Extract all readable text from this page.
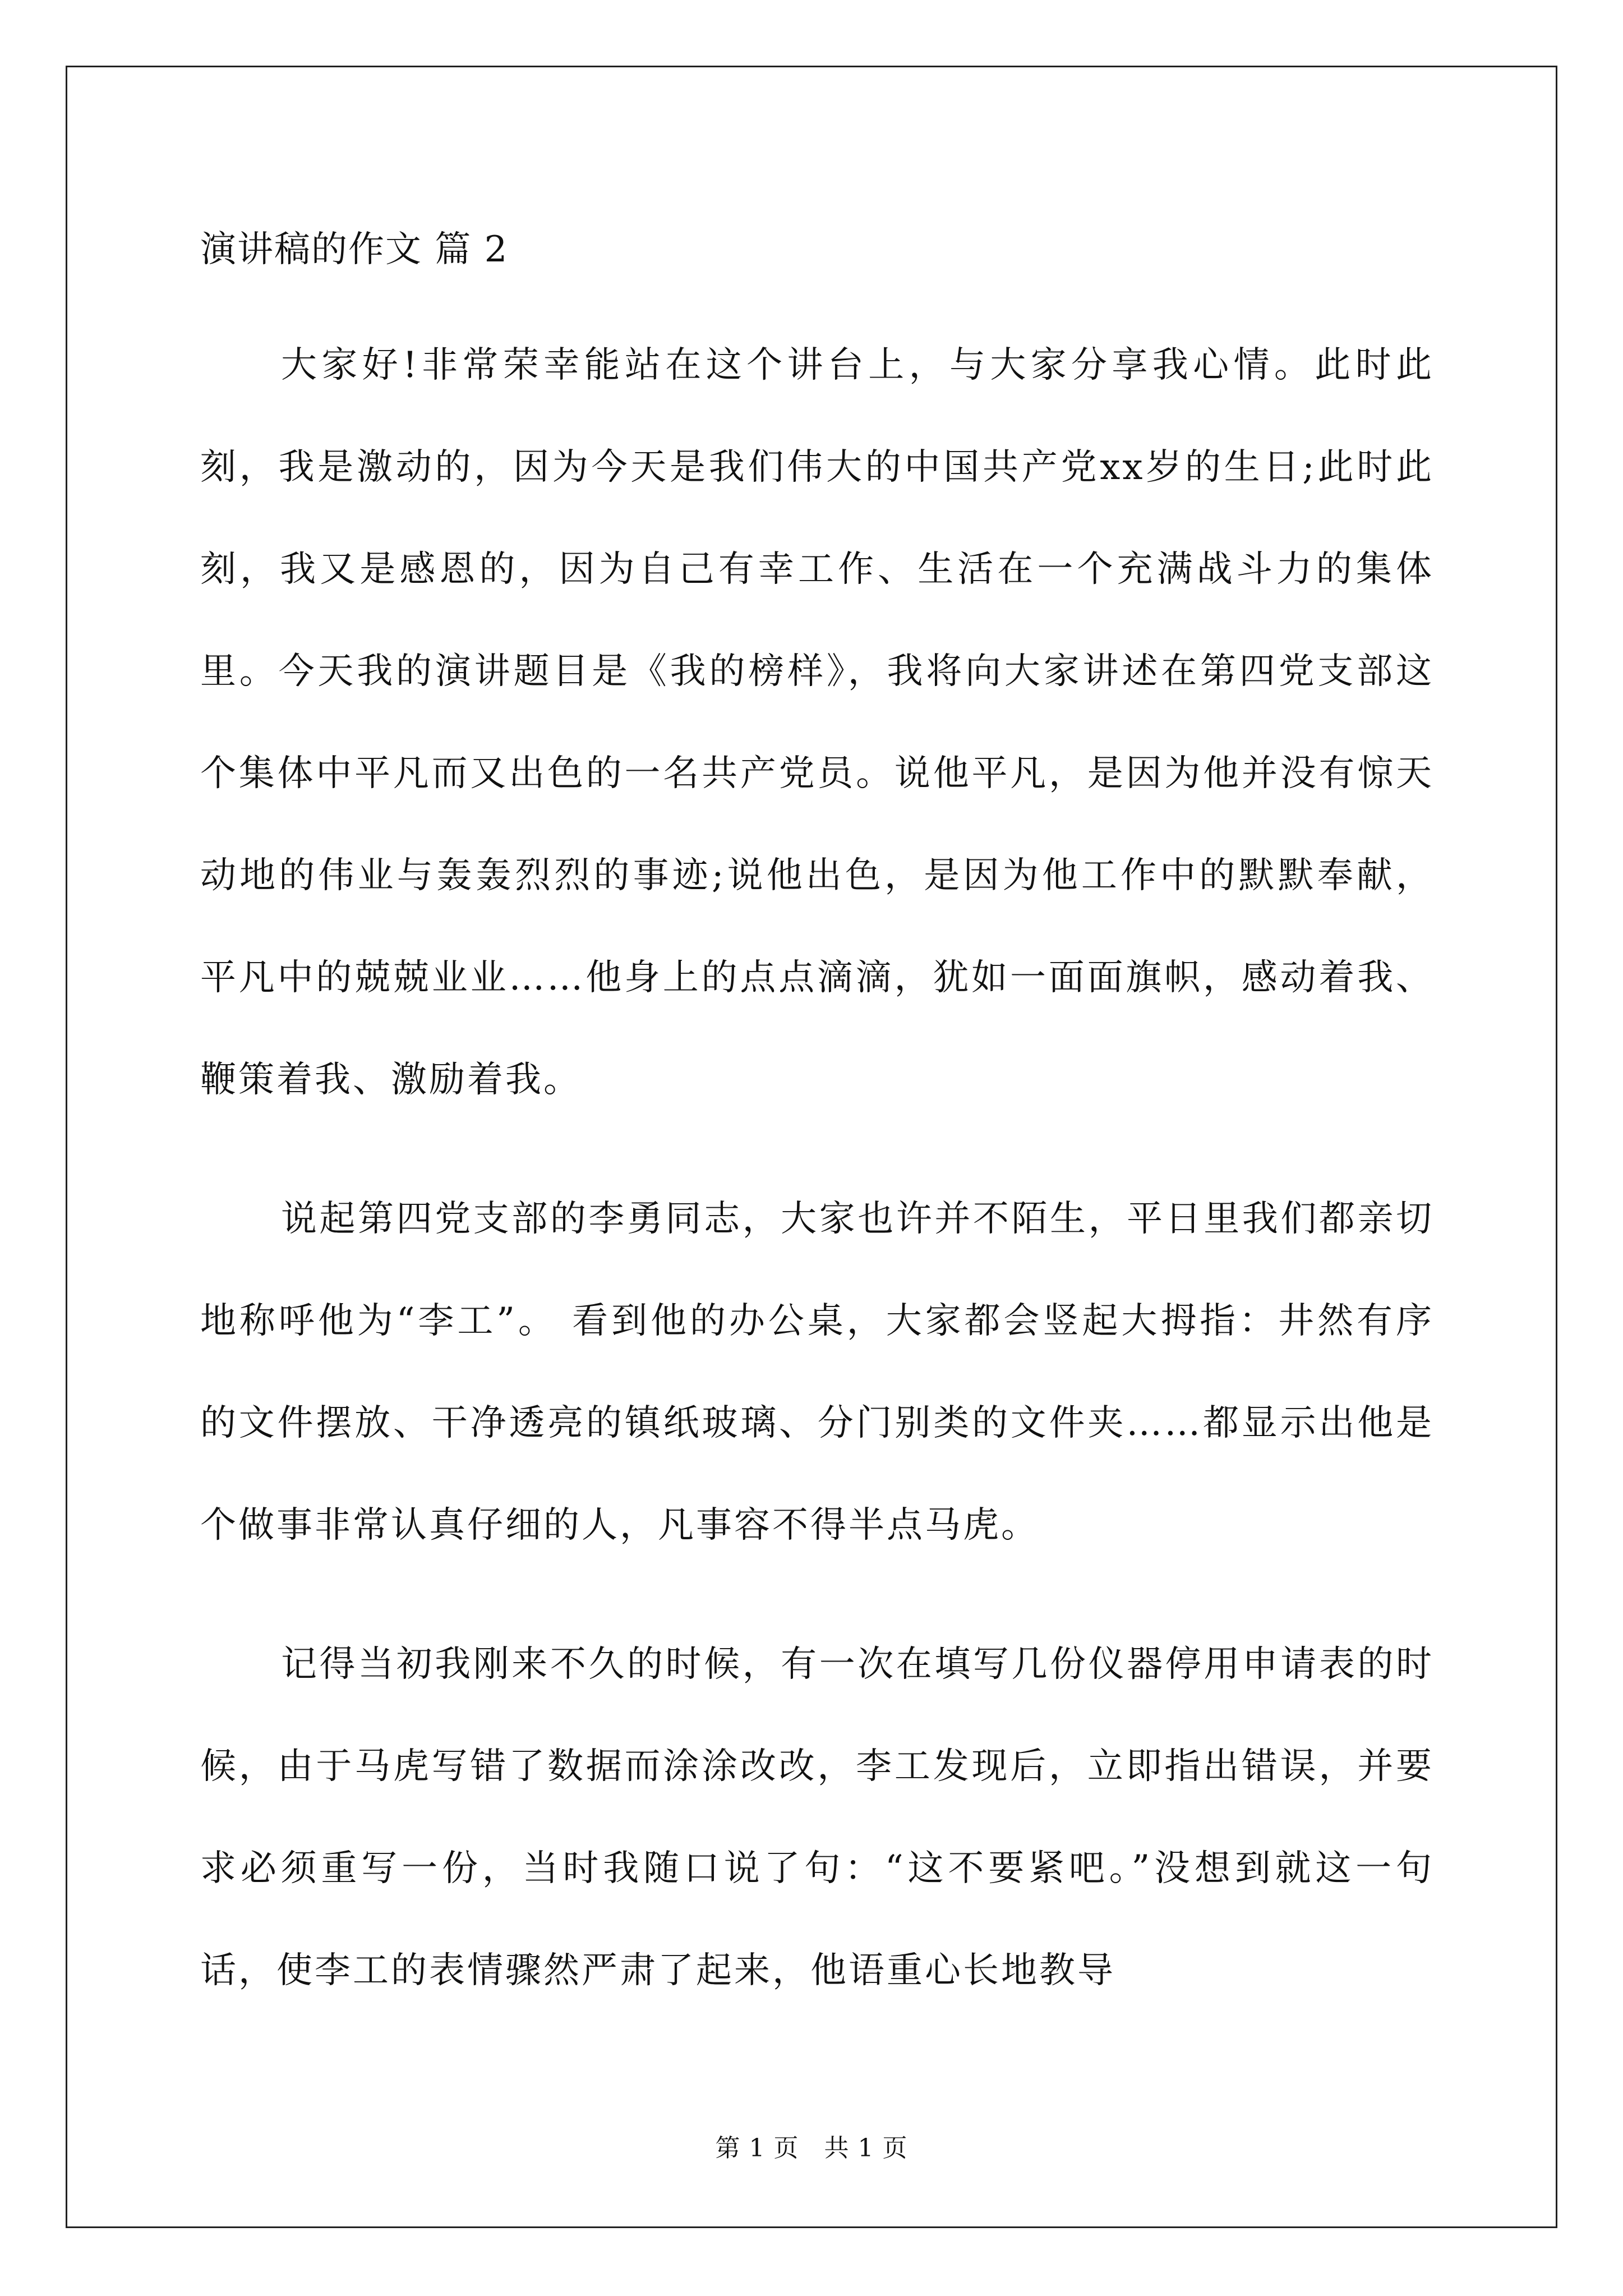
演讲稿的作文 篇 2

大家好!非常荣幸能站在这个讲台上，与大家分享我心情。此时此刻，我是激动的，因为今天是我们伟大的中国共产党xx岁的生日;此时此刻，我又是感恩的，因为自己有幸工作、生活在一个充满战斗力的集体里。今天我的演讲题目是《我的榜样》，我将向大家讲述在第四党支部这个集体中平凡而又出色的一名共产党员。说他平凡，是因为他并没有惊天动地的伟业与轰轰烈烈的事迹;说他出色，是因为他工作中的默默奉献，平凡中的兢兢业业……他身上的点点滴滴，犹如一面面旗帜，感动着我、鞭策着我、激励着我。

说起第四党支部的李勇同志，大家也许并不陌生，平日里我们都亲切地称呼他为“李工”。 看到他的办公桌，大家都会竖起大拇指：井然有序的文件摆放、干净透亮的镇纸玻璃、分门别类的文件夹……都显示出他是个做事非常认真仔细的人，凡事容不得半点马虎。

记得当初我刚来不久的时候，有一次在填写几份仪器停用申请表的时候，由于马虎写错了数据而涂涂改改，李工发现后，立即指出错误，并要求必须重写一份，当时我随口说了句：“这不要紧吧。”没想到就这一句话，使李工的表情骤然严肃了起来，他语重心长地教导

第 1 页　共 1 页
